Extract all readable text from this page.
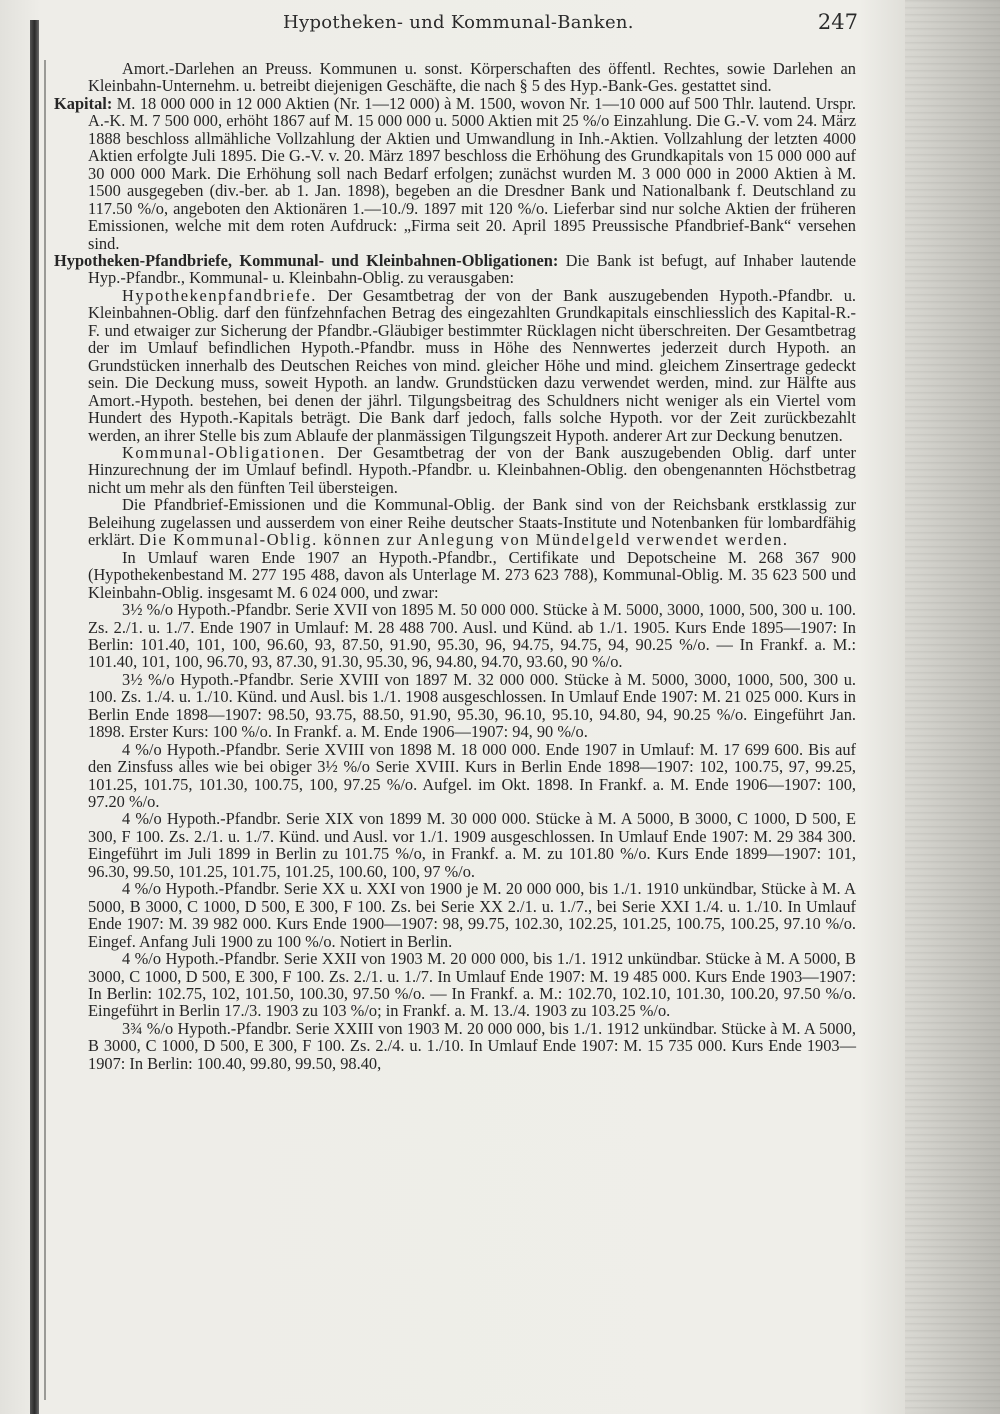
Hypotheken- und Kommunal-Banken.	247

Amort.-Darlehen an Preuss. Kommunen u. sonst. Körperschaften des öffentl. Rechtes, sowie Darlehen an Kleinbahn-Unternehm. u. betreibt diejenigen Geschäfte, die nach § 5 des Hyp.-Bank-Ges. gestattet sind.

Kapital: M. 18 000 000 in 12 000 Aktien (Nr. 1—12 000) à M. 1500, wovon Nr. 1—10 000 auf 500 Thlr. lautend. Urspr. A.-K. M. 7 500 000, erhöht 1867 auf M. 15 000 000 u. 5000 Aktien mit 25 %/o Einzahlung. Die G.-V. vom 24. März 1888 beschloss allmähliche Vollzahlung der Aktien und Umwandlung in Inh.-Aktien. Vollzahlung der letzten 4000 Aktien erfolgte Juli 1895. Die G.-V. v. 20. März 1897 beschloss die Erhöhung des Grundkapitals von 15 000 000 auf 30 000 000 Mark. Die Erhöhung soll nach Bedarf erfolgen; zunächst wurden M. 3 000 000 in 2000 Aktien à M. 1500 ausgegeben (div.-ber. ab 1. Jan. 1898), begeben an die Dresdner Bank und Nationalbank f. Deutschland zu 117.50 %/o, angeboten den Aktionären 1.—10./9. 1897 mit 120 %/o. Lieferbar sind nur solche Aktien der früheren Emissionen, welche mit dem roten Aufdruck: „Firma seit 20. April 1895 Preussische Pfandbrief-Bank“ versehen sind.

Hypotheken-Pfandbriefe, Kommunal- und Kleinbahnen-Obligationen: Die Bank ist befugt, auf Inhaber lautende Hyp.-Pfandbr., Kommunal- u. Kleinbahn-Oblig. zu verausgaben:

Hypothekenpfandbriefe. Der Gesamtbetrag der von der Bank auszugebenden Hypoth.-Pfandbr. u. Kleinbahnen-Oblig. darf den fünfzehnfachen Betrag des eingezahlten Grundkapitals einschliesslich des Kapital-R.-F. und etwaiger zur Sicherung der Pfandbr.-Gläubiger bestimmter Rücklagen nicht überschreiten. Der Gesamtbetrag der im Umlauf befindlichen Hypoth.-Pfandbr. muss in Höhe des Nennwertes jederzeit durch Hypoth. an Grundstücken innerhalb des Deutschen Reiches von mind. gleicher Höhe und mind. gleichem Zinsertrage gedeckt sein. Die Deckung muss, soweit Hypoth. an landw. Grundstücken dazu verwendet werden, mind. zur Hälfte aus Amort.-Hypoth. bestehen, bei denen der jährl. Tilgungsbeitrag des Schuldners nicht weniger als ein Viertel vom Hundert des Hypoth.-Kapitals beträgt. Die Bank darf jedoch, falls solche Hypoth. vor der Zeit zurückbezahlt werden, an ihrer Stelle bis zum Ablaufe der planmässigen Tilgungszeit Hypoth. anderer Art zur Deckung benutzen.

Kommunal-Obligationen. Der Gesamtbetrag der von der Bank auszugebenden Oblig. darf unter Hinzurechnung der im Umlauf befindl. Hypoth.-Pfandbr. u. Kleinbahnen-Oblig. den obengenannten Höchstbetrag nicht um mehr als den fünften Teil übersteigen.

Die Pfandbrief-Emissionen und die Kommunal-Oblig. der Bank sind von der Reichsbank erstklassig zur Beleihung zugelassen und ausserdem von einer Reihe deutscher Staats-Institute und Notenbanken für lombardfähig erklärt. Die Kommunal-Oblig. können zur Anlegung von Mündelgeld verwendet werden.

In Umlauf waren Ende 1907 an Hypoth.-Pfandbr., Certifikate und Depotscheine M. 268 367 900 (Hypothekenbestand M. 277 195 488, davon als Unterlage M. 273 623 788), Kommunal-Oblig. M. 35 623 500 und Kleinbahn-Oblig. insgesamt M. 6 024 000, und zwar:

3½ %/o Hypoth.-Pfandbr. Serie XVII von 1895 M. 50 000 000. Stücke à M. 5000, 3000, 1000, 500, 300 u. 100. Zs. 2./1. u. 1./7. Ende 1907 in Umlauf: M. 28 488 700. Ausl. und Künd. ab 1./1. 1905. Kurs Ende 1895—1907: In Berlin: 101.40, 101, 100, 96.60, 93, 87.50, 91.90, 95.30, 96, 94.75, 94.75, 94, 90.25 %/o. — In Frankf. a. M.: 101.40, 101, 100, 96.70, 93, 87.30, 91.30, 95.30, 96, 94.80, 94.70, 93.60, 90 %/o.

3½ %/o Hypoth.-Pfandbr. Serie XVIII von 1897 M. 32 000 000. Stücke à M. 5000, 3000, 1000, 500, 300 u. 100. Zs. 1./4. u. 1./10. Künd. und Ausl. bis 1./1. 1908 ausgeschlossen. In Umlauf Ende 1907: M. 21 025 000. Kurs in Berlin Ende 1898—1907: 98.50, 93.75, 88.50, 91.90, 95.30, 96.10, 95.10, 94.80, 94, 90.25 %/o. Eingeführt Jan. 1898. Erster Kurs: 100 %/o. In Frankf. a. M. Ende 1906—1907: 94, 90 %/o.

4 %/o Hypoth.-Pfandbr. Serie XVIII von 1898 M. 18 000 000. Ende 1907 in Umlauf: M. 17 699 600. Bis auf den Zinsfuss alles wie bei obiger 3½ %/o Serie XVIII. Kurs in Berlin Ende 1898—1907: 102, 100.75, 97, 99.25, 101.25, 101.75, 101.30, 100.75, 100, 97.25 %/o. Aufgel. im Okt. 1898. In Frankf. a. M. Ende 1906—1907: 100, 97.20 %/o.

4 %/o Hypoth.-Pfandbr. Serie XIX von 1899 M. 30 000 000. Stücke à M. A 5000, B 3000, C 1000, D 500, E 300, F 100. Zs. 2./1. u. 1./7. Künd. und Ausl. vor 1./1. 1909 ausgeschlossen. In Umlauf Ende 1907: M. 29 384 300. Eingeführt im Juli 1899 in Berlin zu 101.75 %/o, in Frankf. a. M. zu 101.80 %/o. Kurs Ende 1899—1907: 101, 96.30, 99.50, 101.25, 101.75, 101.25, 100.60, 100, 97 %/o.

4 %/o Hypoth.-Pfandbr. Serie XX u. XXI von 1900 je M. 20 000 000, bis 1./1. 1910 unkündbar, Stücke à M. A 5000, B 3000, C 1000, D 500, E 300, F 100. Zs. bei Serie XX 2./1. u. 1./7., bei Serie XXI 1./4. u. 1./10. In Umlauf Ende 1907: M. 39 982 000. Kurs Ende 1900—1907: 98, 99.75, 102.30, 102.25, 101.25, 100.75, 100.25, 97.10 %/o. Eingef. Anfang Juli 1900 zu 100 %/o. Notiert in Berlin.

4 %/o Hypoth.-Pfandbr. Serie XXII von 1903 M. 20 000 000, bis 1./1. 1912 unkündbar. Stücke à M. A 5000, B 3000, C 1000, D 500, E 300, F 100. Zs. 2./1. u. 1./7. In Umlauf Ende 1907: M. 19 485 000. Kurs Ende 1903—1907: In Berlin: 102.75, 102, 101.50, 100.30, 97.50 %/o. — In Frankf. a. M.: 102.70, 102.10, 101.30, 100.20, 97.50 %/o. Eingeführt in Berlin 17./3. 1903 zu 103 %/o; in Frankf. a. M. 13./4. 1903 zu 103.25 %/o.

3¾ %/o Hypoth.-Pfandbr. Serie XXIII von 1903 M. 20 000 000, bis 1./1. 1912 unkündbar. Stücke à M. A 5000, B 3000, C 1000, D 500, E 300, F 100. Zs. 2./4. u. 1./10. In Umlauf Ende 1907: M. 15 735 000. Kurs Ende 1903—1907: In Berlin: 100.40, 99.80, 99.50, 98.40,
